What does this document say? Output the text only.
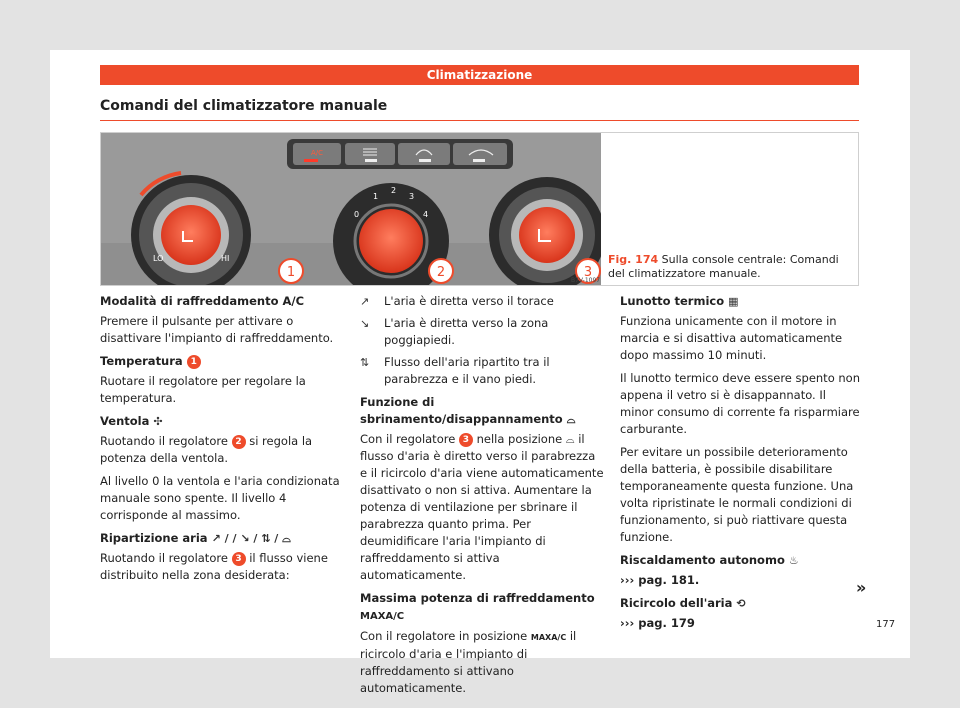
Climatizzazione
Comandi del climatizzatore manuale
A/C
LO	HI
0
1
2
3
4
1	2	3
B7V-1097
Fig. 174 Sulla console centrale: Comandi del climatizzatore manuale.
Modalità di raffreddamento A/C
Premere il pulsante per attivare o disattivare l'impianto di raffreddamento.
Temperatura 1
Ruotare il regolatore per regolare la temperatura.
Ventola ✣
Ruotando il regolatore 2 si regola la potenza della ventola.
Al livello 0 la ventola e l'aria condizionata manuale sono spente. Il livello 4 corrisponde al massimo.
Ripartizione aria ↗ / / ↘ / ⇅ / ⌓
Ruotando il regolatore 3 il flusso viene distribuito nella zona desiderata:
↗	L'aria è diretta verso il torace
↘	L'aria è diretta verso la zona poggiapiedi.
⇅	Flusso dell'aria ripartito tra il parabrezza e il vano piedi.
Funzione di sbrinamento/disappannamento ⌓
Con il regolatore 3 nella posizione ⌓ il flusso d'aria è diretto verso il parabrezza e il ricircolo d'aria viene automaticamente disattivato o non si attiva. Aumentare la potenza di ventilazione per sbrinare il parabrezza quanto prima. Per deumidificare l'aria l'impianto di raffreddamento si attiva automaticamente.
Massima potenza di raffreddamento
MAXA/C
Con il regolatore in posizione MAXA/C il ricircolo d'aria e l'impianto di raffreddamento si attivano automaticamente.
Lunotto termico ▦
Funziona unicamente con il motore in marcia e si disattiva automaticamente dopo massimo 10 minuti.
Il lunotto termico deve essere spento non appena il vetro si è disappannato. Il minor consumo di corrente fa risparmiare carburante.
Per evitare un possibile deterioramento della batteria, è possibile disabilitare temporaneamente questa funzione. Una volta ripristinate le normali condizioni di funzionamento, si può riattivare questa funzione.
Riscaldamento autonomo ♨
››› pag. 181.
Ricircolo dell'aria ⟲
››› pag. 179
»
177
